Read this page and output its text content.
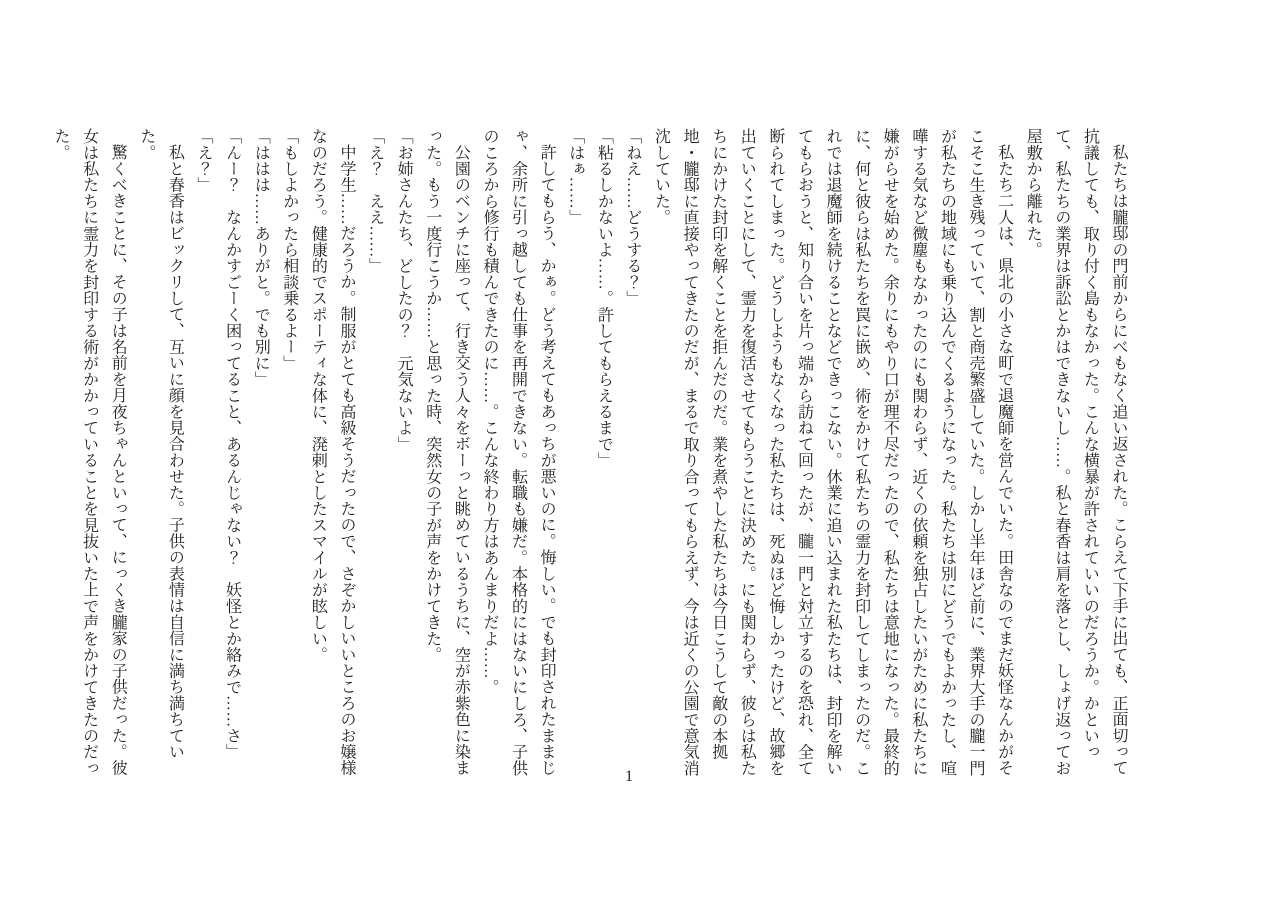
私たちは朧邸の門前からにべもなく追い返された。こらえて下手に出ても、正面切って抗議しても、取り付く島もなかった。こんな横暴が許されていいのだろうか。かといって、私たちの業界は訴訟とかはできないし……。私と春香は肩を落とし、しょげ返ってお屋敷から離れた。

私たち二人は、県北の小さな町で退魔師を営んでいた。田舎なのでまだ妖怪なんかがそこそこ生き残っていて、割と商売繁盛していた。しかし半年ほど前に、業界大手の朧一門が私たちの地域にも乗り込んでくるようになった。私たちは別にどうでもよかったし、喧嘩する気など微塵もなかったのにも関わらず、近くの依頼を独占したいがために私たちに嫌がらせを始めた。余りにもやり口が理不尽だったので、私たちは意地になった。最終的に、何と彼らは私たちを罠に嵌め、術をかけて私たちの霊力を封印してしまったのだ。これでは退魔師を続けることなどできっこない。休業に追い込まれた私たちは、封印を解いてもらおうと、知り合いを片っ端から訪ねて回ったが、朧一門と対立するのを恐れ、全て断られてしまった。どうしようもなくなった私たちは、死ぬほど悔しかったけど、故郷を出ていくことにして、霊力を復活させてもらうことに決めた。にも関わらず、彼らは私たちにかけた封印を解くことを拒んだのだ。業を煮やした私たちは今日こうして敵の本拠地・朧邸に直接やってきたのだが、まるで取り合ってもらえず、今は近くの公園で意気消沈していた。

「ねえ……どうする？」

「粘るしかないよ……。許してもらえるまで」

「はぁ……」

許してもらう、かぁ。どう考えてもあっちが悪いのに。悔しい。でも封印されたままじゃ、余所に引っ越しても仕事を再開できない。転職も嫌だ。本格的にはないにしろ、子供のころから修行も積んできたのに……。こんな終わり方はあんまりだよ……。

公園のベンチに座って、行き交う人々をボーっと眺めているうちに、空が赤紫色に染まった。もう一度行こうか……と思った時、突然女の子が声をかけてきた。

「お姉さんたち、どしたの？　元気ないよ」

「え？　ええ……」

中学生……だろうか。制服がとても高級そうだったので、さぞかしいいところのお嬢様なのだろう。健康的でスポーティな体に、溌剌としたスマイルが眩しい。

「もしよかったら相談乗るよー」

「ははは……ありがと。でも別に」

「んー？　なんかすごーく困ってること、あるんじゃない？　妖怪とか絡みで……さ」

「え？」

私と春香はビックリして、互いに顔を見合わせた。子供の表情は自信に満ち満ちていた。

驚くべきことに、その子は名前を月夜ちゃんといって、にっくき朧家の子供だった。彼女は私たちに霊力を封印する術がかかっていることを見抜いた上で声をかけてきたのだった。

1
